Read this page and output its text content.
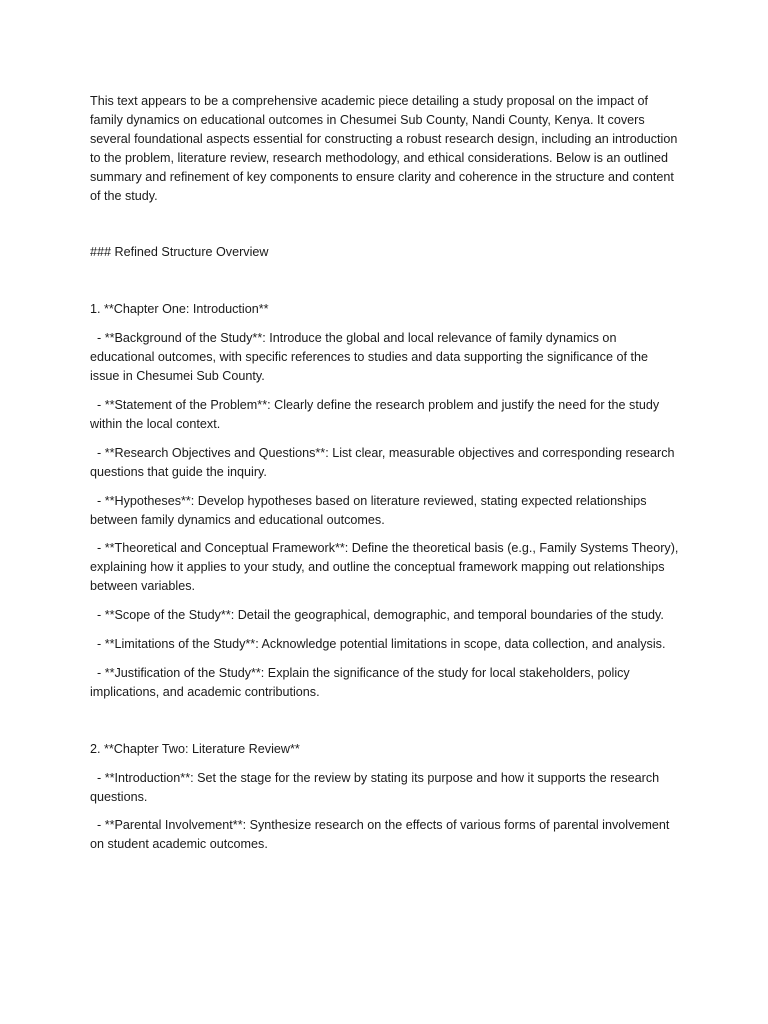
This text appears to be a comprehensive academic piece detailing a study proposal on the impact of family dynamics on educational outcomes in Chesumei Sub County, Nandi County, Kenya. It covers several foundational aspects essential for constructing a robust research design, including an introduction to the problem, literature review, research methodology, and ethical considerations. Below is an outlined summary and refinement of key components to ensure clarity and coherence in the structure and content of the study.

### Refined Structure Overview

1. **Chapter One: Introduction**

- **Background of the Study**: Introduce the global and local relevance of family dynamics on educational outcomes, with specific references to studies and data supporting the significance of the issue in Chesumei Sub County.

- **Statement of the Problem**: Clearly define the research problem and justify the need for the study within the local context.

- **Research Objectives and Questions**: List clear, measurable objectives and corresponding research questions that guide the inquiry.

- **Hypotheses**: Develop hypotheses based on literature reviewed, stating expected relationships between family dynamics and educational outcomes.

- **Theoretical and Conceptual Framework**: Define the theoretical basis (e.g., Family Systems Theory), explaining how it applies to your study, and outline the conceptual framework mapping out relationships between variables.

- **Scope of the Study**: Detail the geographical, demographic, and temporal boundaries of the study.

- **Limitations of the Study**: Acknowledge potential limitations in scope, data collection, and analysis.

- **Justification of the Study**: Explain the significance of the study for local stakeholders, policy implications, and academic contributions.

2. **Chapter Two: Literature Review**

- **Introduction**: Set the stage for the review by stating its purpose and how it supports the research questions.

- **Parental Involvement**: Synthesize research on the effects of various forms of parental involvement on student academic outcomes.
